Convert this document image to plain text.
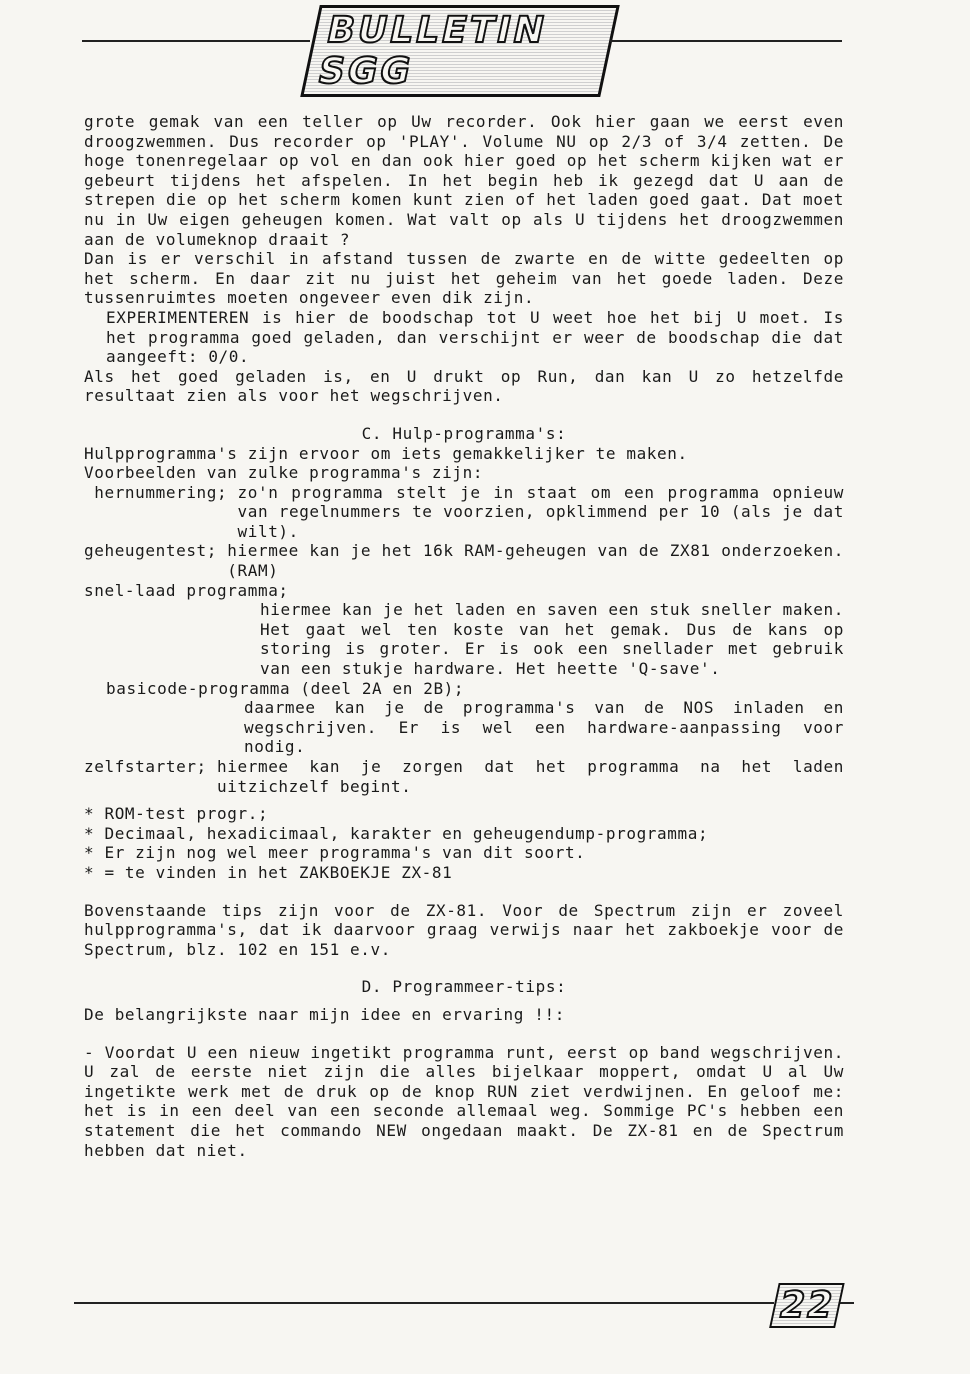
BULLETIN SGG

grote gemak van een teller op Uw recorder. Ook hier gaan we eerst even droogzwemmen. Dus recorder op 'PLAY'. Volume NU op 2/3 of 3/4 zetten. De hoge tonenregelaar op vol en dan ook hier goed op het scherm kijken wat er gebeurt tijdens het afspelen. In het begin heb ik gezegd dat U aan de strepen die op het scherm komen kunt zien of het laden goed gaat. Dat moet nu in Uw eigen geheugen komen. Wat valt op als U tijdens het droogzwemmen aan de volumeknop draait ?

Dan is er verschil in afstand tussen de zwarte en de witte gedeelten op het scherm. En daar zit nu juist het geheim van het goede laden. Deze tussenruimtes moeten ongeveer even dik zijn.

EXPERIMENTEREN is hier de boodschap tot U weet hoe het bij U moet. Is het programma goed geladen, dan verschijnt er weer de boodschap die dat aangeeft: 0/0.

Als het goed geladen is, en U drukt op Run, dan kan U zo hetzelfde resultaat zien als voor het wegschrijven.

C. Hulp-programma's:

Hulpprogramma's zijn ervoor om iets gemakkelijker te maken.

Voorbeelden van zulke programma's zijn:

hernummering; zo'n programma stelt je in staat om een programma opnieuw van regelnummers te voorzien, opklimmend per 10 (als je dat wilt).
geheugentest; hiermee kan je het 16k RAM-geheugen van de ZX81 onderzoeken. (RAM)
snel-laad programma;
hiermee kan je het laden en saven een stuk sneller maken. Het gaat wel ten koste van het gemak. Dus de kans op storing is groter. Er is ook een snellader met gebruik van een stukje hardware. Het heette 'Q-save'.
basicode-programma (deel 2A en 2B);
daarmee kan je de programma's van de NOS inladen en wegschrijven. Er is wel een hardware-aanpassing voor nodig.
zelfstarter; hiermee kan je zorgen dat het programma na het laden uitzichzelf begint.
* ROM-test progr.;
* Decimaal, hexadicimaal, karakter en geheugendump-programma;
* Er zijn nog wel meer programma's van dit soort.
* = te vinden in het ZAKBOEKJE ZX-81

Bovenstaande tips zijn voor de ZX-81. Voor de Spectrum zijn er zoveel hulpprogramma's, dat ik daarvoor graag verwijs naar het zakboekje voor de Spectrum, blz. 102 en 151 e.v.

D. Programmeer-tips:

De belangrijkste naar mijn idee en ervaring !!:

- Voordat U een nieuw ingetikt programma runt, eerst op band wegschrijven. U zal de eerste niet zijn die alles bijelkaar moppert, omdat U al Uw ingetikte werk met de druk op de knop RUN ziet verdwijnen. En geloof me: het is in een deel van een seconde allemaal weg. Sommige PC's hebben een statement die het commando NEW ongedaan maakt. De ZX-81 en de Spectrum hebben dat niet.

22
